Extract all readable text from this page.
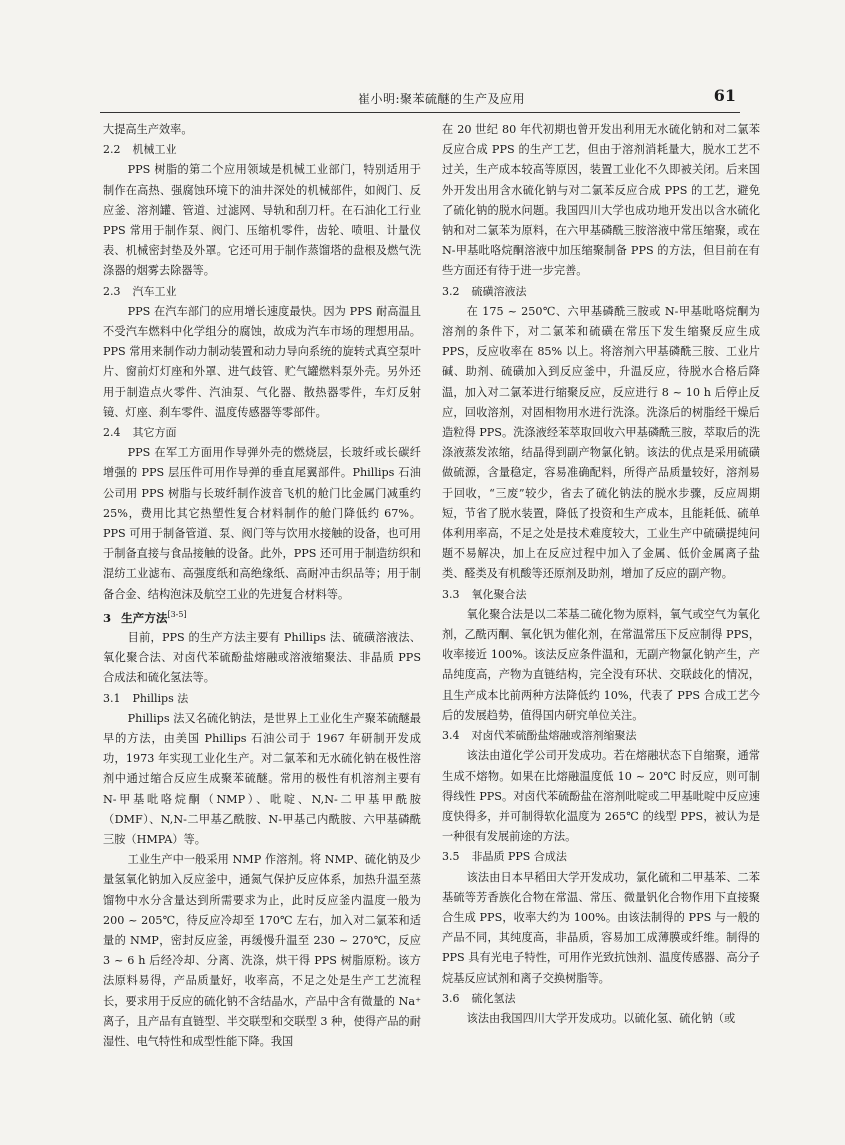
崔小明:聚苯硫醚的生产及应用	61

大提高生产效率。

2.2 机械工业

PPS 树脂的第二个应用领域是机械工业部门，特别适用于制作在高热、强腐蚀环境下的油井深处的机械部件，如阀门、反应釜、溶剂罐、管道、过滤网、导轨和刮刀杆。在石油化工行业 PPS 常用于制作泵、阀门、压缩机零件，齿轮、喷咀、计量仪表、机械密封垫及外罩。它还可用于制作蒸馏塔的盘根及燃气洗涤器的烟雾去除器等。

2.3 汽车工业

PPS 在汽车部门的应用增长速度最快。因为 PPS 耐高温且不受汽车燃料中化学组分的腐蚀，故成为汽车市场的理想用品。PPS 常用来制作动力制动装置和动力导向系统的旋转式真空泵叶片、窗前灯灯座和外罩、进气歧管、贮气罐燃料泵外壳。另外还用于制造点火零件、汽油泵、气化器、散热器零件，车灯反射镜、灯座、刹车零件、温度传感器等零部件。

2.4 其它方面

PPS 在军工方面用作导弹外壳的燃烧层，长玻纤或长碳纤增强的 PPS 层压件可用作导弹的垂直尾翼部件。Phillips 石油公司用 PPS 树脂与长玻纤制作波音飞机的舱门比金属门减重约 25%，费用比其它热塑性复合材料制作的舱门降低约 67%。PPS 可用于制备管道、泵、阀门等与饮用水接触的设备，也可用于制备直接与食品接触的设备。此外，PPS 还可用于制造纺织和混纺工业滤布、高强度纸和高绝缘纸、高耐冲击织品等；用于制备合金、结构泡沫及航空工业的先进复合材料等。

3 生产方法[3-5]

目前，PPS 的生产方法主要有 Phillips 法、硫磺溶液法、氧化聚合法、对卤代苯硫酚盐熔融或溶液缩聚法、非晶质 PPS 合成法和硫化氢法等。

3.1 Phillips 法

Phillips 法又名硫化钠法，是世界上工业化生产聚苯硫醚最早的方法，由美国 Phillips 石油公司于 1967 年研制开发成功，1973 年实现工业化生产。对二氯苯和无水硫化钠在极性溶剂中通过缩合反应生成聚苯硫醚。常用的极性有机溶剂主要有 N-甲基吡咯烷酮（NMP）、吡啶、N,N-二甲基甲酰胺（DMF）、N,N-二甲基乙酰胺、N-甲基己内酰胺、六甲基磷酰三胺（HMPA）等。

工业生产中一般采用 NMP 作溶剂。将 NMP、硫化钠及少量氢氧化钠加入反应釜中，通氮气保护反应体系，加热升温至蒸馏物中水分含量达到所需要求为止，此时反应釜内温度一般为 200 ~ 205℃，待反应冷却至 170℃ 左右，加入对二氯苯和适量的 NMP，密封反应釜，再缓慢升温至 230 ~ 270℃，反应 3 ~ 6 h 后经冷却、分离、洗涤，烘干得 PPS 树脂原粉。该方法原料易得，产品质量好，收率高，不足之处是生产工艺流程长，要求用于反应的硫化钠不含结晶水，产品中含有微量的 Na⁺ 离子，且产品有直链型、半交联型和交联型 3 种，使得产品的耐湿性、电气特性和成型性能下降。我国

在 20 世纪 80 年代初期也曾开发出利用无水硫化钠和对二氯苯反应合成 PPS 的生产工艺，但由于溶剂消耗量大，脱水工艺不过关，生产成本较高等原因，装置工业化不久即被关闭。后来国外开发出用含水硫化钠与对二氯苯反应合成 PPS 的工艺，避免了硫化钠的脱水问题。我国四川大学也成功地开发出以含水硫化钠和对二氯苯为原料，在六甲基磷酰三胺溶液中常压缩聚，或在 N-甲基吡咯烷酮溶液中加压缩聚制备 PPS 的方法，但目前在有些方面还有待于进一步完善。

3.2 硫磺溶液法

在 175 ~ 250℃、六甲基磷酰三胺或 N-甲基吡咯烷酮为溶剂的条件下，对二氯苯和硫磺在常压下发生缩聚反应生成 PPS，反应收率在 85% 以上。将溶剂六甲基磷酰三胺、工业片碱、助剂、硫磺加入到反应釜中，升温反应，待脱水合格后降温，加入对二氯苯进行缩聚反应，反应进行 8 ~ 10 h 后停止反应，回收溶剂，对固相物用水进行洗涤。洗涤后的树脂经干燥后造粒得 PPS。洗涤液经苯萃取回收六甲基磷酰三胺，萃取后的洗涤液蒸发浓缩，结晶得到副产物氯化钠。该法的优点是采用硫磺做硫源，含量稳定，容易准确配料，所得产品质量较好，溶剂易于回收，“三废”较少，省去了硫化钠法的脱水步骤，反应周期短，节省了脱水装置，降低了投资和生产成本，且能耗低、硫单体利用率高，不足之处是技术难度较大，工业生产中硫磺提纯问题不易解决，加上在反应过程中加入了金属、低价金属离子盐类、醛类及有机酸等还原剂及助剂，增加了反应的副产物。

3.3 氧化聚合法

氧化聚合法是以二苯基二硫化物为原料，氧气或空气为氧化剂，乙酰丙酮、氧化钒为催化剂，在常温常压下反应制得 PPS，收率接近 100%。该法反应条件温和，无副产物氯化钠产生，产品纯度高，产物为直链结构，完全没有环状、交联歧化的情况，且生产成本比前两种方法降低约 10%，代表了 PPS 合成工艺今后的发展趋势，值得国内研究单位关注。

3.4 对卤代苯硫酚盐熔融或溶剂缩聚法

该法由道化学公司开发成功。若在熔融状态下自缩聚，通常生成不熔物。如果在比熔融温度低 10 ~ 20℃ 时反应，则可制得线性 PPS。对卤代苯硫酚盐在溶剂吡啶或二甲基吡啶中反应速度快得多，并可制得软化温度为 265℃ 的线型 PPS，被认为是一种很有发展前途的方法。

3.5 非晶质 PPS 合成法

该法由日本早稻田大学开发成功，氯化硫和二甲基苯、二苯基硫等芳香族化合物在常温、常压、微量钒化合物作用下直接聚合生成 PPS，收率大约为 100%。由该法制得的 PPS 与一般的产品不同，其纯度高，非晶质，容易加工成薄膜或纤维。制得的 PPS 具有光电子特性，可用作光致抗蚀剂、温度传感器、高分子烷基反应试剂和离子交换树脂等。

3.6 硫化氢法

该法由我国四川大学开发成功。以硫化氢、硫化钠（或
